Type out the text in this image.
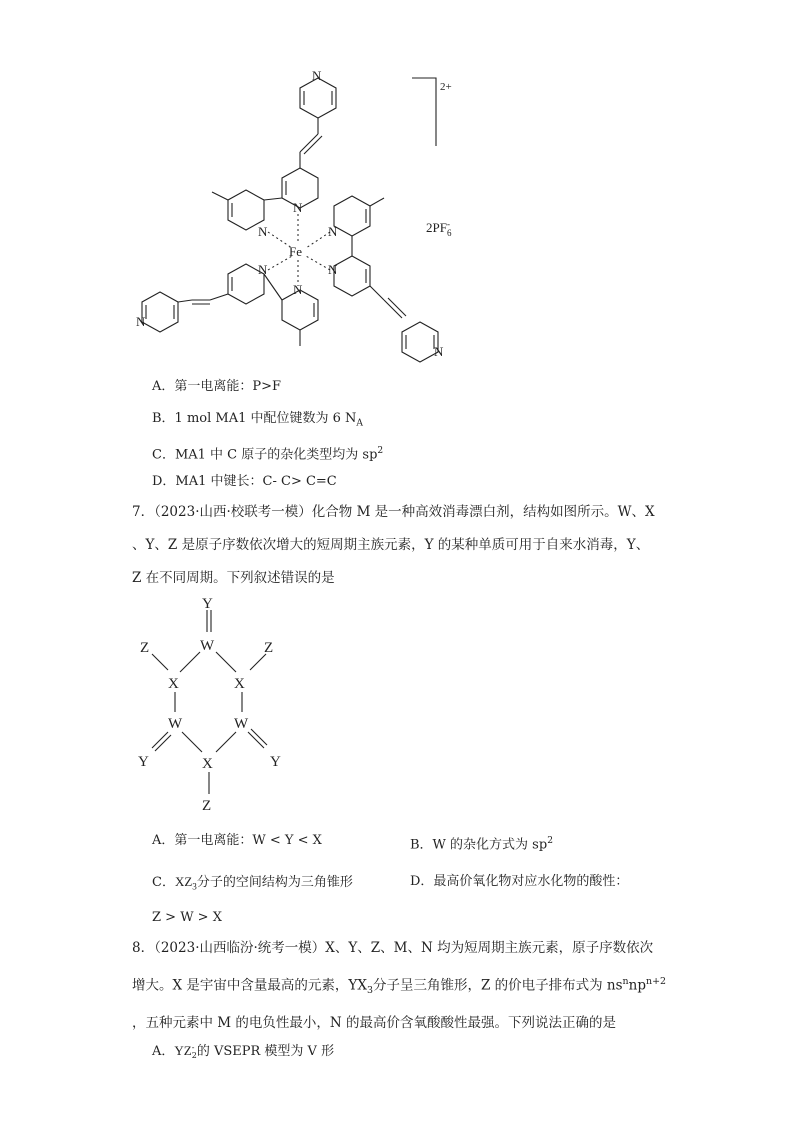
N
N
N	N
N	N
N
N
N
Fe
2+
2PF -
6
A．第一电离能：P>F
B．1 mol MA1 中配位键数为 6 $N_A$
C．MA1 中 C 原子的杂化类型均为 $sp^2$
D．MA1 中键长：C- C> C=C
7．（2023·山西·校联考一模）化合物 M 是一种高效消毒漂白剂，结构如图所示。W、X
、Y、Z 是原子序数依次增大的短周期主族元素，Y 的某种单质可用于自来水消毒，Y、
Z 在不同周期。下列叙述错误的是
Y
W
Z	Z
X	X
W	W
Y	Y
X
Z
A．第一电离能：W < Y < X	B．W 的杂化方式为 $sp^2$
C．$XZ_3$分子的空间结构为三角锥形	D．最高价氧化物对应水化物的酸性：
Z > W > X
8．（2023·山西临汾·统考一模）X、Y、Z、M、N 均为短周期主族元素，原子序数依次
增大。X 是宇宙中含量最高的元素，$YX_3$分子呈三角锥形，Z 的价电子排布式为 $ns^nnp^{n+2}$
，五种元素中 M 的电负性最小，N 的最高价含氧酸酸性最强。下列说法正确的是
A．YZ -
2 的 VSEPR 模型为 V 形
